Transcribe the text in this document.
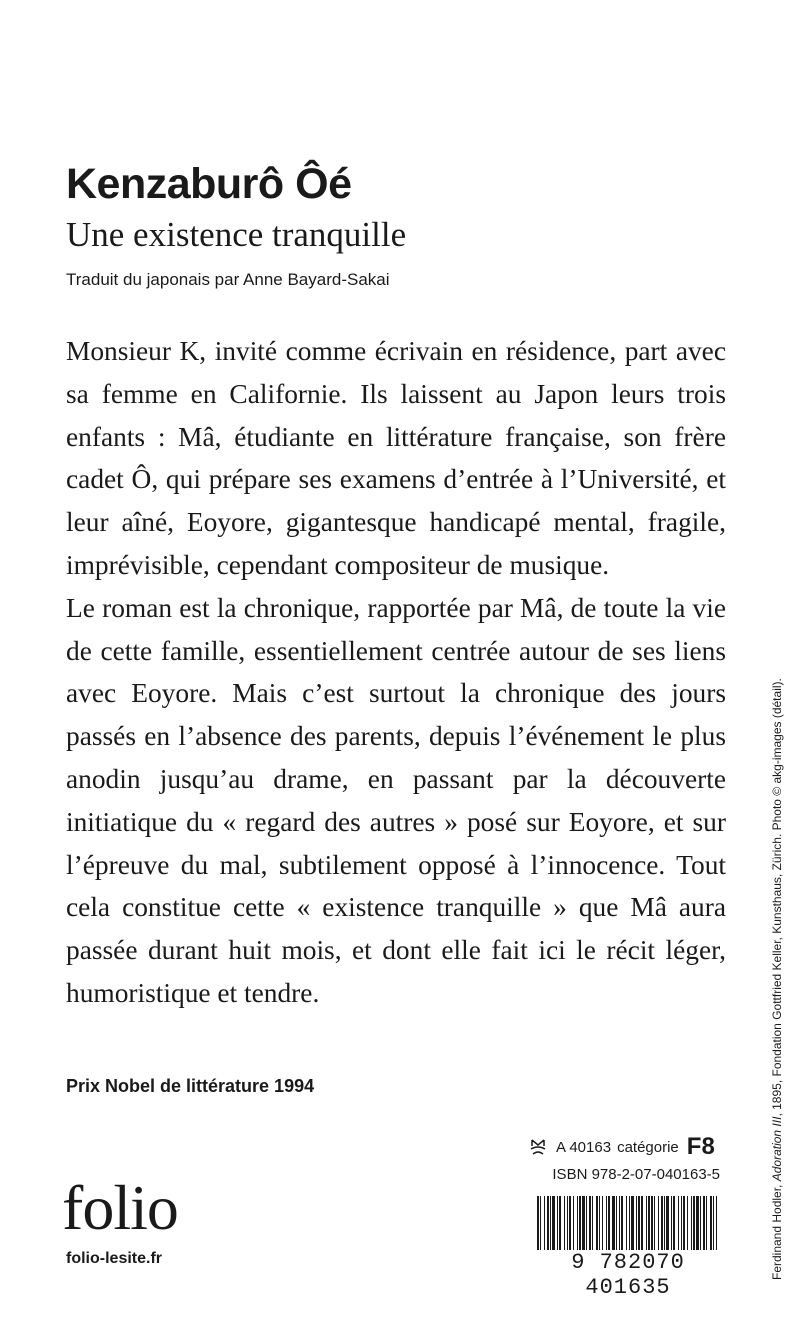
Kenzaburô Ôé
Une existence tranquille
Traduit du japonais par Anne Bayard-Sakai

Monsieur K, invité comme écrivain en résidence, part avec sa femme en Californie. Ils laissent au Japon leurs trois enfants : Mâ, étudiante en littérature française, son frère cadet Ô, qui prépare ses examens d’entrée à l’Université, et leur aîné, Eoyore, gigantesque handicapé mental, fragile, imprévisible, cependant compositeur de musique.

Le roman est la chronique, rapportée par Mâ, de toute la vie de cette famille, essentiellement centrée autour de ses liens avec Eoyore. Mais c’est surtout la chronique des jours passés en l’absence des parents, depuis l’événement le plus anodin jusqu’au drame, en passant par la découverte initiatique du « regard des autres » posé sur Eoyore, et sur l’épreuve du mal, subtilement opposé à l’innocence. Tout cela constitue cette « existence tranquille » que Mâ aura passée durant huit mois, et dont elle fait ici le récit léger, humoristique et tendre.

Prix Nobel de littérature 1994
folio
folio-lesite.fr
A 40163 catégorie F8
ISBN 978-2-07-040163-5
9 782070 401635
Ferdinand Hodler, Adoration III, 1895, Fondation Gottfried Keller, Kunsthaus, Zürich. Photo © akg-images (détail).
